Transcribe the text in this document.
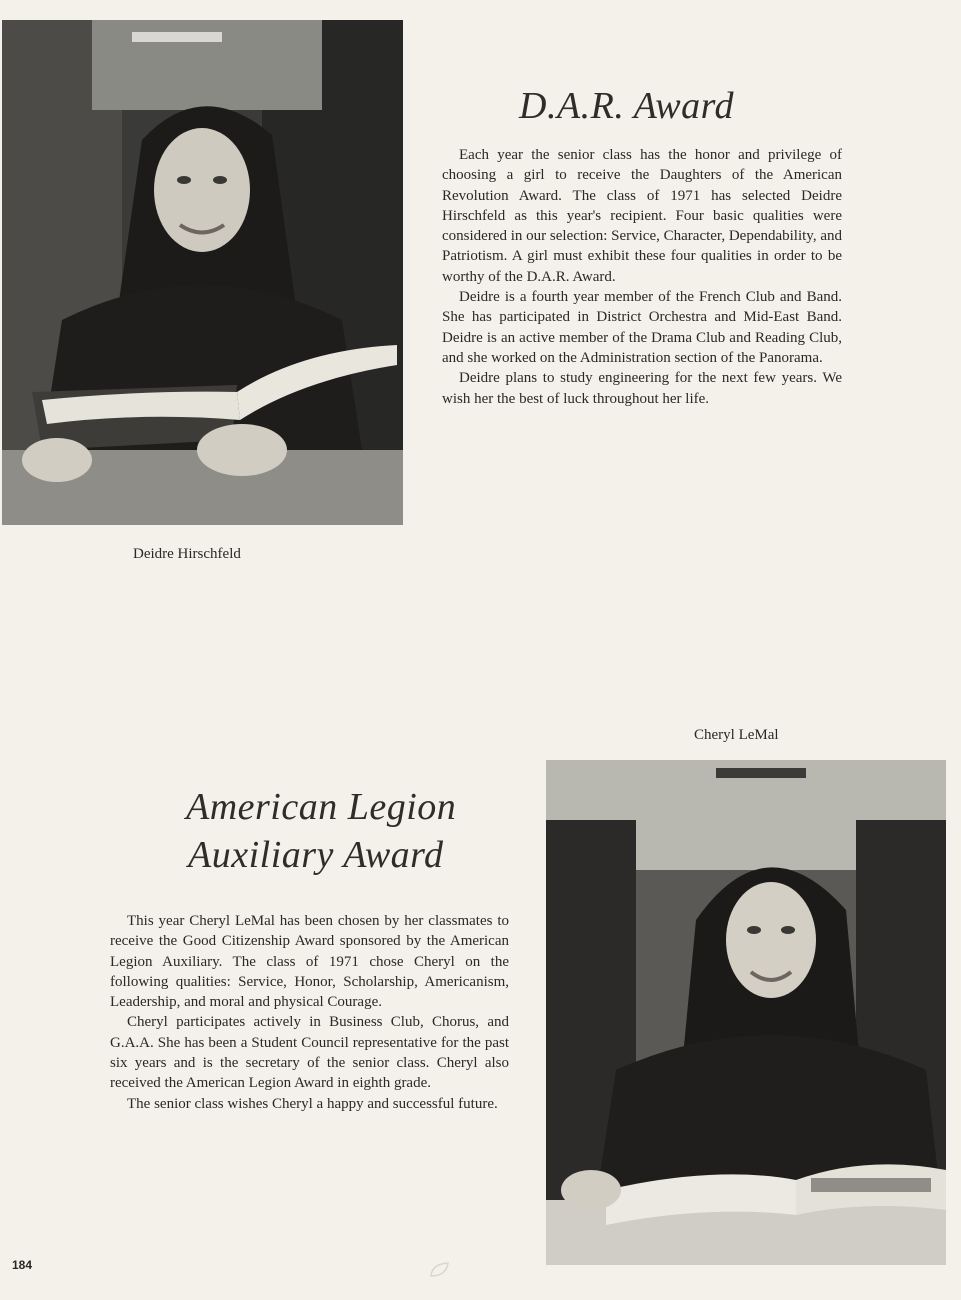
Deidre Hirschfeld
D.A.R. Award

Each year the senior class has the honor and privilege of choosing a girl to receive the Daughters of the American Revolution Award. The class of 1971 has selected Deidre Hirschfeld as this year's recipient. Four basic qualities were considered in our selection: Service, Character, Dependability, and Patriotism. A girl must exhibit these four qualities in order to be worthy of the D.A.R. Award.

Deidre is a fourth year member of the French Club and Band. She has participated in District Orchestra and Mid-East Band. Deidre is an active member of the Drama Club and Reading Club, and she worked on the Administration section of the Panorama.

Deidre plans to study engineering for the next few years. We wish her the best of luck throughout her life.

Cheryl LeMal
American Legion
Auxiliary Award

This year Cheryl LeMal has been chosen by her classmates to receive the Good Citizenship Award sponsored by the American Legion Auxiliary. The class of 1971 chose Cheryl on the following qualities: Service, Honor, Scholarship, Americanism, Leadership, and moral and physical Courage.

Cheryl participates actively in Business Club, Chorus, and G.A.A. She has been a Student Council representative for the past six years and is the secretary of the senior class. Cheryl also received the American Legion Award in eighth grade.

The senior class wishes Cheryl a happy and successful future.

184
